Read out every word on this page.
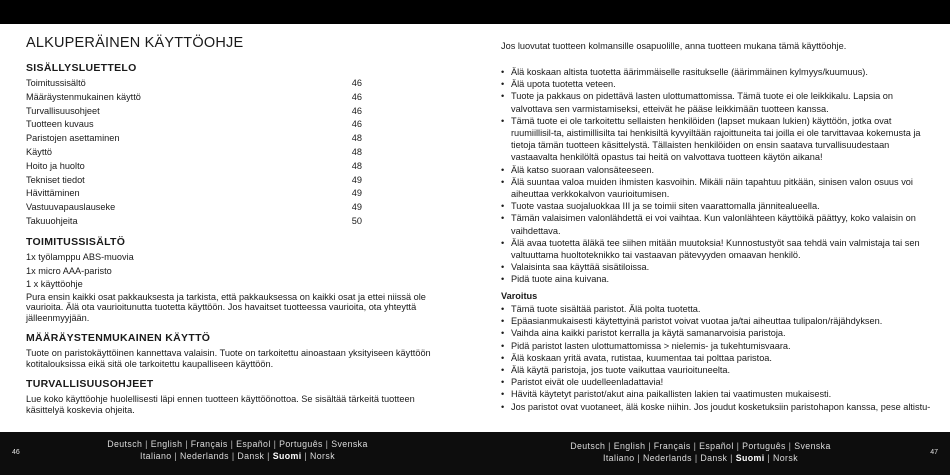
ALKUPERÄINEN KÄYTTÖOHJE
SISÄLLYSLUETTELO
Toimitussisältö	46
Määräystenmukainen käyttö	46
Turvallisuusohjeet	46
Tuotteen kuvaus	46
Paristojen asettaminen	48
Käyttö	48
Hoito ja huolto	48
Tekniset tiedot	49
Hävittäminen	49
Vastuuvapauslauseke	49
Takuuohjeita	50
TOIMITUSSISÄLTÖ
1x työlamppu ABS-muovia
1x micro AAA-paristo
1 x käyttöohje
Pura ensin kaikki osat pakkauksesta ja tarkista, että pakkauksessa on kaikki osat ja ettei niissä ole vaurioita. Älä ota vaurioitunutta tuotetta käyttöön. Jos havaitset tuotteessa vaurioita, ota yhteyttä jälleenmyyjään.
MÄÄRÄYSTENMUKAINEN KÄYTTÖ

Tuote on paristokäyttöinen kannettava valaisin. Tuote on tarkoitettu ainoastaan yksityiseen käyttöön kotitalouksissa eikä sitä ole tarkoitettu kaupalliseen käyttöön.

TURVALLISUUSOHJEET

Lue koko käyttöohje huolellisesti läpi ennen tuotteen käyttöönottoa. Se sisältää tärkeitä tuotteen käsittelyä koskevia ohjeita.

Jos luovutat tuotteen kolmansille osapuolille, anna tuotteen mukana tämä käyttöohje.

• Älä koskaan altista tuotetta äärimmäiselle rasitukselle (äärimmäinen kylmyys/kuumuus).
• Älä upota tuotetta veteen.
• Tuote ja pakkaus on pidettävä lasten ulottumattomissa. Tämä tuote ei ole leikkikalu. Lapsia on valvottava sen varmistamiseksi, etteivät he pääse leikkimään tuotteen kanssa.
• Tämä tuote ei ole tarkoitettu sellaisten henkilöiden (lapset mukaan lukien) käyttöön, jotka ovat ruumiillisil-ta, aistimillisilta tai henkisiltä kyvyiltään rajoittuneita tai joilla ei ole tarvittavaa kokemusta ja tietoja tämän tuotteen käsittelystä. Tällaisten henkilöiden on ensin saatava turvallisuudestaan vastaavalta henkilöltä opastus tai heitä on valvottava tuotteen käytön aikana!
• Älä katso suoraan valonsäteeseen.
• Älä suuntaa valoa muiden ihmisten kasvoihin. Mikäli näin tapahtuu pitkään, sinisen valon osuus voi aiheuttaa verkkokalvon vaurioitumisen.
• Tuote vastaa suojaluokkaa III ja se toimii siten vaarattomalla jännitealueella.
• Tämän valaisimen valonlähdettä ei voi vaihtaa. Kun valonlähteen käyttöikä päättyy, koko valaisin on vaihdettava.
• Älä avaa tuotetta äläkä tee siihen mitään muutoksia! Kunnostustyöt saa tehdä vain valmistaja tai sen valtuuttama huoltoteknikko tai vastaavan pätevyyden omaavan henkilö.
• Valaisinta saa käyttää sisätiloissa.
• Pidä tuote aina kuivana.
Varoitus
• Tämä tuote sisältää paristot. Älä polta tuotetta.
• Epäasianmukaisesti käytettyinä paristot voivat vuotaa ja/tai aiheuttaa tulipalon/räjähdyksen.
• Vaihda aina kaikki paristot kerralla ja käytä samanarvoisia paristoja.
• Pidä paristot lasten ulottumattomissa > nielemis- ja tukehtumisvaara.
• Älä koskaan yritä avata, rutistaa, kuumentaa tai polttaa paristoa.
• Älä käytä paristoja, jos tuote vaikuttaa vaurioituneelta.
• Paristot eivät ole uudelleenladattavia!
• Hävitä käytetyt paristot/akut aina paikallisten lakien tai vaatimusten mukaisesti.
• Jos paristot ovat vuotaneet, älä koske niihin. Jos joudut kosketuksiin paristohapon kanssa, pese altistu-
46
Deutsch | English | Français | Español | Português | Svenska
Italiano | Nederlands | Dansk | Suomi | Norsk	47
Deutsch | English | Français | Español | Português | Svenska
Italiano | Nederlands | Dansk | Suomi | Norsk
